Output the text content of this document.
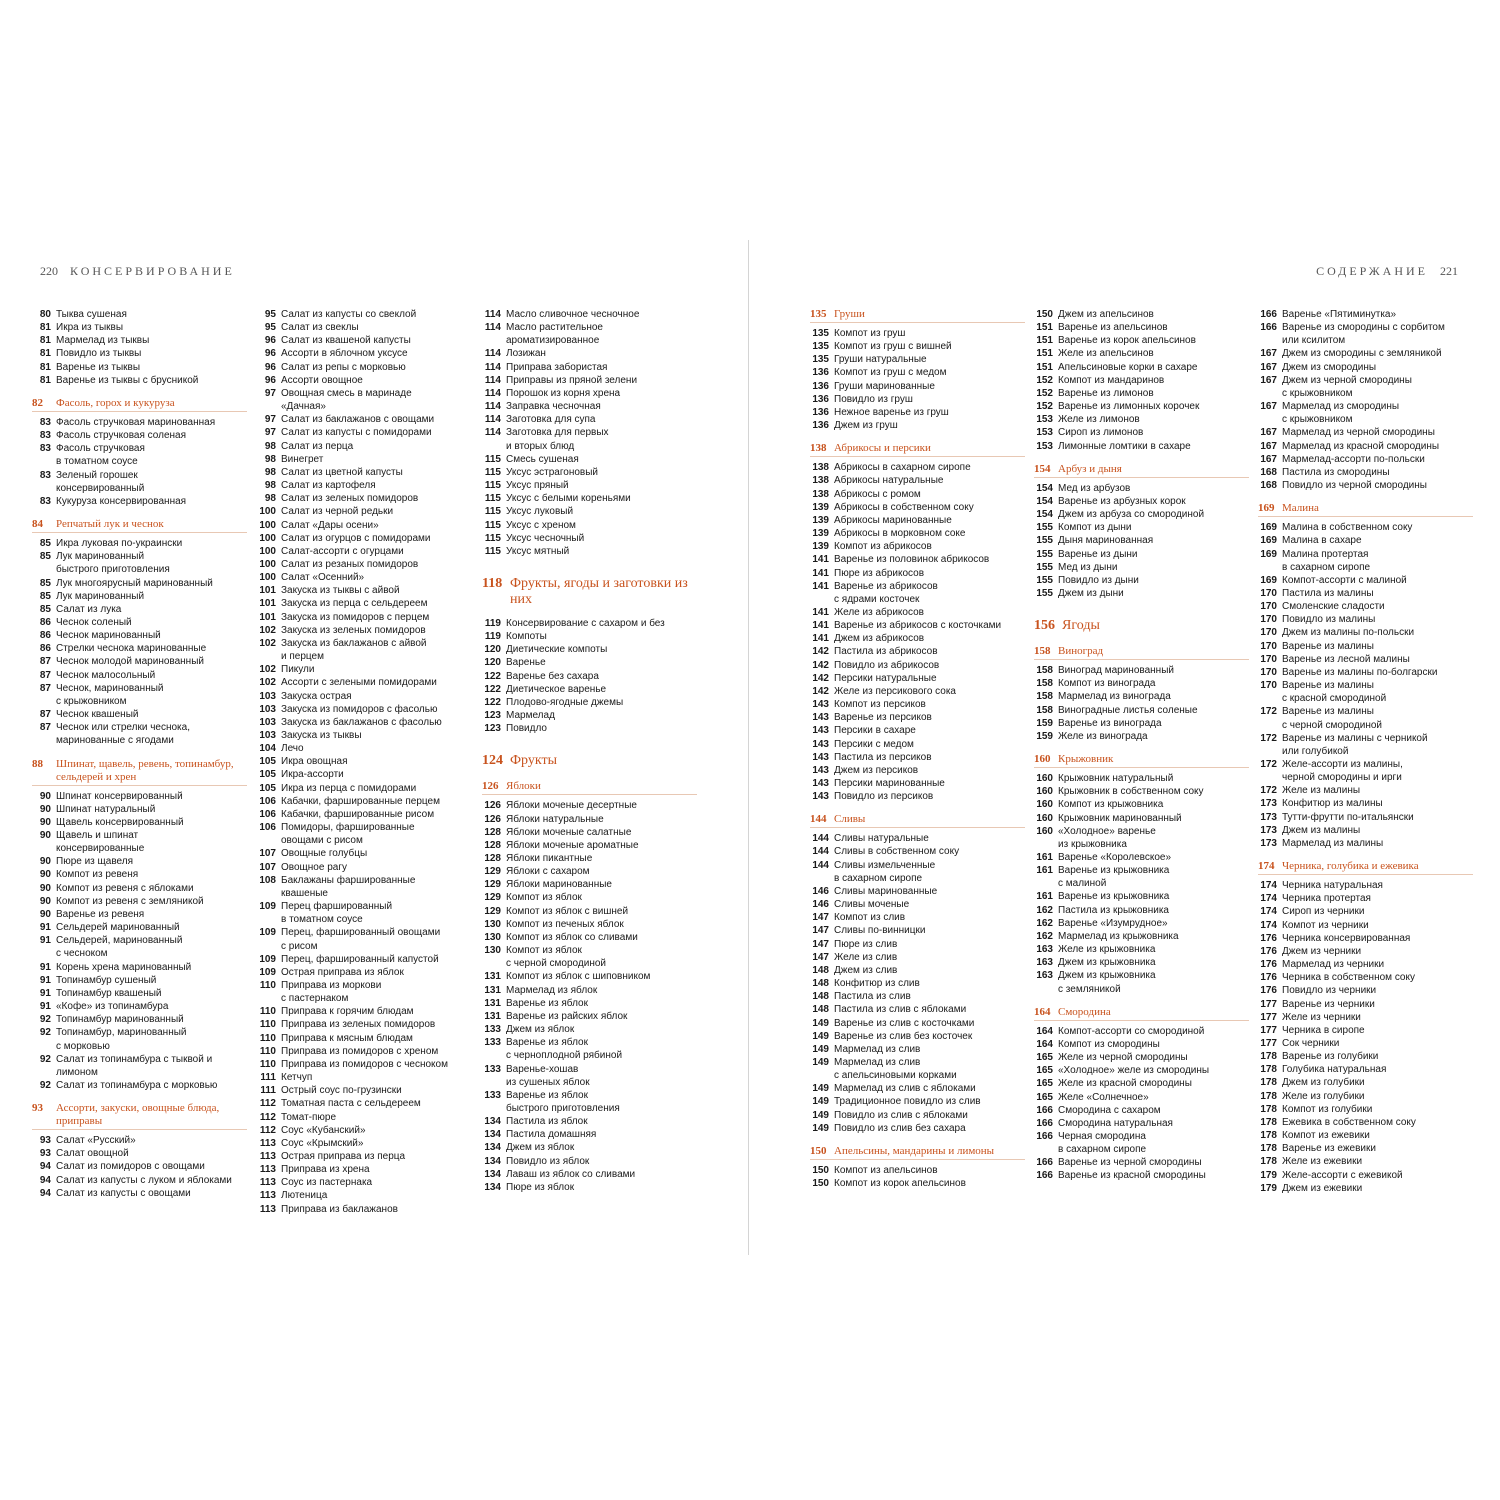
220 КОНСЕРВИРОВАНИЕ	СОДЕРЖАНИЕ 221
80 Тыква сушеная
81 Икра из тыквы
81 Мармелад из тыквы
81 Повидло из тыквы
81 Варенье из тыквы
81 Варенье из тыквы с брусникой
82	Фасоль, горох и кукуруза
83 Фасоль стручковая маринованная
83 Фасоль стручковая соленая
83 Фасоль стручковая
в томатном соусе
83 Зеленый горошек
консервированный
83 Кукуруза консервированная
84	Репчатый лук и чеснок
85 Икра луковая по-украински
85 Лук маринованный
быстрого приготовления
85 Лук многоярусный маринованный
85 Лук маринованный
85 Салат из лука
86 Чеснок соленый
86 Чеснок маринованный
86 Стрелки чеснока маринованные
87 Чеснок молодой маринованный
87 Чеснок малосольный
87 Чеснок, маринованный
с крыжовником
87 Чеснок квашеный
87 Чеснок или стрелки чеснока,
маринованные с ягодами
88	Шпинат, щавель, ревень, топинамбур, сельдерей и хрен
90 Шпинат консервированный
90 Шпинат натуральный
90 Щавель консервированный
90 Щавель и шпинат
консервированные
90 Пюре из щавеля
90 Компот из ревеня
90 Компот из ревеня с яблоками
90 Компот из ревеня с земляникой
90 Варенье из ревеня
91 Сельдерей маринованный
91 Сельдерей, маринованный
с чесноком
91 Корень хрена маринованный
91 Топинамбур сушеный
91 Топинамбур квашеный
91 «Кофе» из топинамбура
92 Топинамбур маринованный
92 Топинамбур, маринованный
с морковью
92 Салат из топинамбура с тыквой и лимоном
92 Салат из топинамбура с морковью
93	Ассорти, закуски, овощные блюда, приправы
93 Салат «Русский»
93 Салат овощной
94 Салат из помидоров с овощами
94 Салат из капусты с луком и яблоками
94 Салат из капусты с овощами
95 Салат из капусты со свеклой
95 Салат из свеклы
96 Салат из квашеной капусты
96 Ассорти в яблочном уксусе
96 Салат из репы с морковью
96 Ассорти овощное
97 Овощная смесь в маринаде
«Дачная»
97 Салат из баклажанов с овощами
97 Салат из капусты с помидорами
98 Салат из перца
98 Винегрет
98 Салат из цветной капусты
98 Салат из картофеля
98 Салат из зеленых помидоров
100 Салат из черной редьки
100 Салат «Дары осени»
100 Салат из огурцов с помидорами
100 Салат-ассорти с огурцами
100 Салат из резаных помидоров
100 Салат «Осенний»
101 Закуска из тыквы с айвой
101 Закуска из перца с сельдереем
101 Закуска из помидоров с перцем
102 Закуска из зеленых помидоров
102 Закуска из баклажанов с айвой
и перцем
102 Пикули
102 Ассорти с зелеными помидорами
103 Закуска острая
103 Закуска из помидоров с фасолью
103 Закуска из баклажанов с фасолью
103 Закуска из тыквы
104 Лечо
105 Икра овощная
105 Икра-ассорти
105 Икра из перца с помидорами
106 Кабачки, фаршированные перцем
106 Кабачки, фаршированные рисом
106 Помидоры, фаршированные
овощами с рисом
107 Овощные голубцы
107 Овощное рагу
108 Баклажаны фаршированные
квашеные
109 Перец фаршированный
в томатном соусе
109 Перец, фаршированный овощами
с рисом
109 Перец, фаршированный капустой
109 Острая приправа из яблок
110 Приправа из моркови
с пастернаком
110 Приправа к горячим блюдам
110 Приправа из зеленых помидоров
110 Приправа к мясным блюдам
110 Приправа из помидоров с хреном
110 Приправа из помидоров с чесноком
111 Кетчуп
111 Острый соус по-грузински
112 Томатная паста с сельдереем
112 Томат-пюре
112 Соус «Кубанский»
113 Соус «Крымский»
113 Острая приправа из перца
113 Приправа из хрена
113 Соус из пастернака
113 Лютеница
113 Приправа из баклажанов
114 Масло сливочное чесночное
114 Масло растительное
ароматизированное
114 Лозижан
114 Приправа забористая
114 Приправы из пряной зелени
114 Порошок из корня хрена
114 Заправка чесночная
114 Заготовка для супа
114 Заготовка для первых
и вторых блюд
115 Смесь сушеная
115 Уксус эстрагоновый
115 Уксус пряный
115 Уксус с белыми кореньями
115 Уксус луковый
115 Уксус с хреном
115 Уксус чесночный
115 Уксус мятный
118 Фрукты, ягоды и заготовки из них
119 Консервирование с сахаром и без
119 Компоты
120 Диетические компоты
120 Варенье
122 Варенье без сахара
122 Диетическое варенье
122 Плодово-ягодные джемы
123 Мармелад
123 Повидло
124 Фрукты
126 Яблоки
126 Яблоки моченые десертные
126 Яблоки натуральные
128 Яблоки моченые салатные
128 Яблоки моченые ароматные
128 Яблоки пикантные
129 Яблоки с сахаром
129 Яблоки маринованные
129 Компот из яблок
129 Компот из яблок с вишней
130 Компот из печеных яблок
130 Компот из яблок со сливами
130 Компот из яблок
с черной смородиной
131 Компот из яблок с шиповником
131 Мармелад из яблок
131 Варенье из яблок
131 Варенье из райских яблок
133 Джем из яблок
133 Варенье из яблок
с черноплодной рябиной
133 Варенье-хошав
из сушеных яблок
133 Варенье из яблок
быстрого приготовления
134 Пастила из яблок
134 Пастила домашняя
134 Джем из яблок
134 Повидло из яблок
134 Лаваш из яблок со сливами
134 Пюре из яблок
135 Груши
135 Компот из груш
135 Компот из груш с вишней
135 Груши натуральные
136 Компот из груш с медом
136 Груши маринованные
136 Повидло из груш
136 Нежное варенье из груш
136 Джем из груш
138 Абрикосы и персики
138 Абрикосы в сахарном сиропе
138 Абрикосы натуральные
138 Абрикосы с ромом
139 Абрикосы в собственном соку
139 Абрикосы маринованные
139 Абрикосы в морковном соке
139 Компот из абрикосов
141 Варенье из половинок абрикосов
141 Пюре из абрикосов
141 Варенье из абрикосов
с ядрами косточек
141 Желе из абрикосов
141 Варенье из абрикосов с косточками
141 Джем из абрикосов
142 Пастила из абрикосов
142 Повидло из абрикосов
142 Персики натуральные
142 Желе из персикового сока
143 Компот из персиков
143 Варенье из персиков
143 Персики в сахаре
143 Персики с медом
143 Пастила из персиков
143 Джем из персиков
143 Персики маринованные
143 Повидло из персиков
144 Сливы
144 Сливы натуральные
144 Сливы в собственном соку
144 Сливы измельченные
в сахарном сиропе
146 Сливы маринованные
146 Сливы моченые
147 Компот из слив
147 Сливы по-винницки
147 Пюре из слив
147 Желе из слив
148 Джем из слив
148 Конфитюр из слив
148 Пастила из слив
148 Пастила из слив с яблоками
149 Варенье из слив с косточками
149 Варенье из слив без косточек
149 Мармелад из слив
149 Мармелад из слив
с апельсиновыми корками
149 Мармелад из слив с яблоками
149 Традиционное повидло из слив
149 Повидло из слив с яблоками
149 Повидло из слив без сахара
150 Апельсины, мандарины и лимоны
150 Компот из апельсинов
150 Компот из корок апельсинов
150 Джем из апельсинов
151 Варенье из апельсинов
151 Варенье из корок апельсинов
151 Желе из апельсинов
151 Апельсиновые корки в сахаре
152 Компот из мандаринов
152 Варенье из лимонов
152 Варенье из лимонных корочек
153 Желе из лимонов
153 Сироп из лимонов
153 Лимонные ломтики в сахаре
154 Арбуз и дыня
154 Мед из арбузов
154 Варенье из арбузных корок
154 Джем из арбуза со смородиной
155 Компот из дыни
155 Дыня маринованная
155 Варенье из дыни
155 Мед из дыни
155 Повидло из дыни
155 Джем из дыни
156 Ягоды
158 Виноград
158 Виноград маринованный
158 Компот из винограда
158 Мармелад из винограда
158 Виноградные листья соленые
159 Варенье из винограда
159 Желе из винограда
160 Крыжовник
160 Крыжовник натуральный
160 Крыжовник в собственном соку
160 Компот из крыжовника
160 Крыжовник маринованный
160 «Холодное» варенье
из крыжовника
161 Варенье «Королевское»
161 Варенье из крыжовника
с малиной
161 Варенье из крыжовника
162 Пастила из крыжовника
162 Варенье «Изумрудное»
162 Мармелад из крыжовника
163 Желе из крыжовника
163 Джем из крыжовника
163 Джем из крыжовника
с земляникой
164 Смородина
164 Компот-ассорти со смородиной
164 Компот из смородины
165 Желе из черной смородины
165 «Холодное» желе из смородины
165 Желе из красной смородины
165 Желе «Солнечное»
166 Смородина с сахаром
166 Смородина натуральная
166 Черная смородина
в сахарном сиропе
166 Варенье из черной смородины
166 Варенье из красной смородины
166 Варенье «Пятиминутка»
166 Варенье из смородины с сорбитом
или ксилитом
167 Джем из смородины с земляникой
167 Джем из смородины
167 Джем из черной смородины
с крыжовником
167 Мармелад из смородины
с крыжовником
167 Мармелад из черной смородины
167 Мармелад из красной смородины
167 Мармелад-ассорти по-польски
168 Пастила из смородины
168 Повидло из черной смородины
169 Малина
169 Малина в собственном соку
169 Малина в сахаре
169 Малина протертая
в сахарном сиропе
169 Компот-ассорти с малиной
170 Пастила из малины
170 Смоленские сладости
170 Повидло из малины
170 Джем из малины по-польски
170 Варенье из малины
170 Варенье из лесной малины
170 Варенье из малины по-болгарски
170 Варенье из малины
с красной смородиной
172 Варенье из малины
с черной смородиной
172 Варенье из малины с черникой
или голубикой
172 Желе-ассорти из малины,
черной смородины и ирги
172 Желе из малины
173 Конфитюр из малины
173 Тутти-фрутти по-итальянски
173 Джем из малины
173 Мармелад из малины
174 Черника, голубика и ежевика
174 Черника натуральная
174 Черника протертая
174 Сироп из черники
174 Компот из черники
176 Черника консервированная
176 Джем из черники
176 Мармелад из черники
176 Черника в собственном соку
176 Повидло из черники
177 Варенье из черники
177 Желе из черники
177 Черника в сиропе
177 Сок черники
178 Варенье из голубики
178 Голубика натуральная
178 Джем из голубики
178 Желе из голубики
178 Компот из голубики
178 Ежевика в собственном соку
178 Компот из ежевики
178 Варенье из ежевики
178 Желе из ежевики
179 Желе-ассорти с ежевикой
179 Джем из ежевики
